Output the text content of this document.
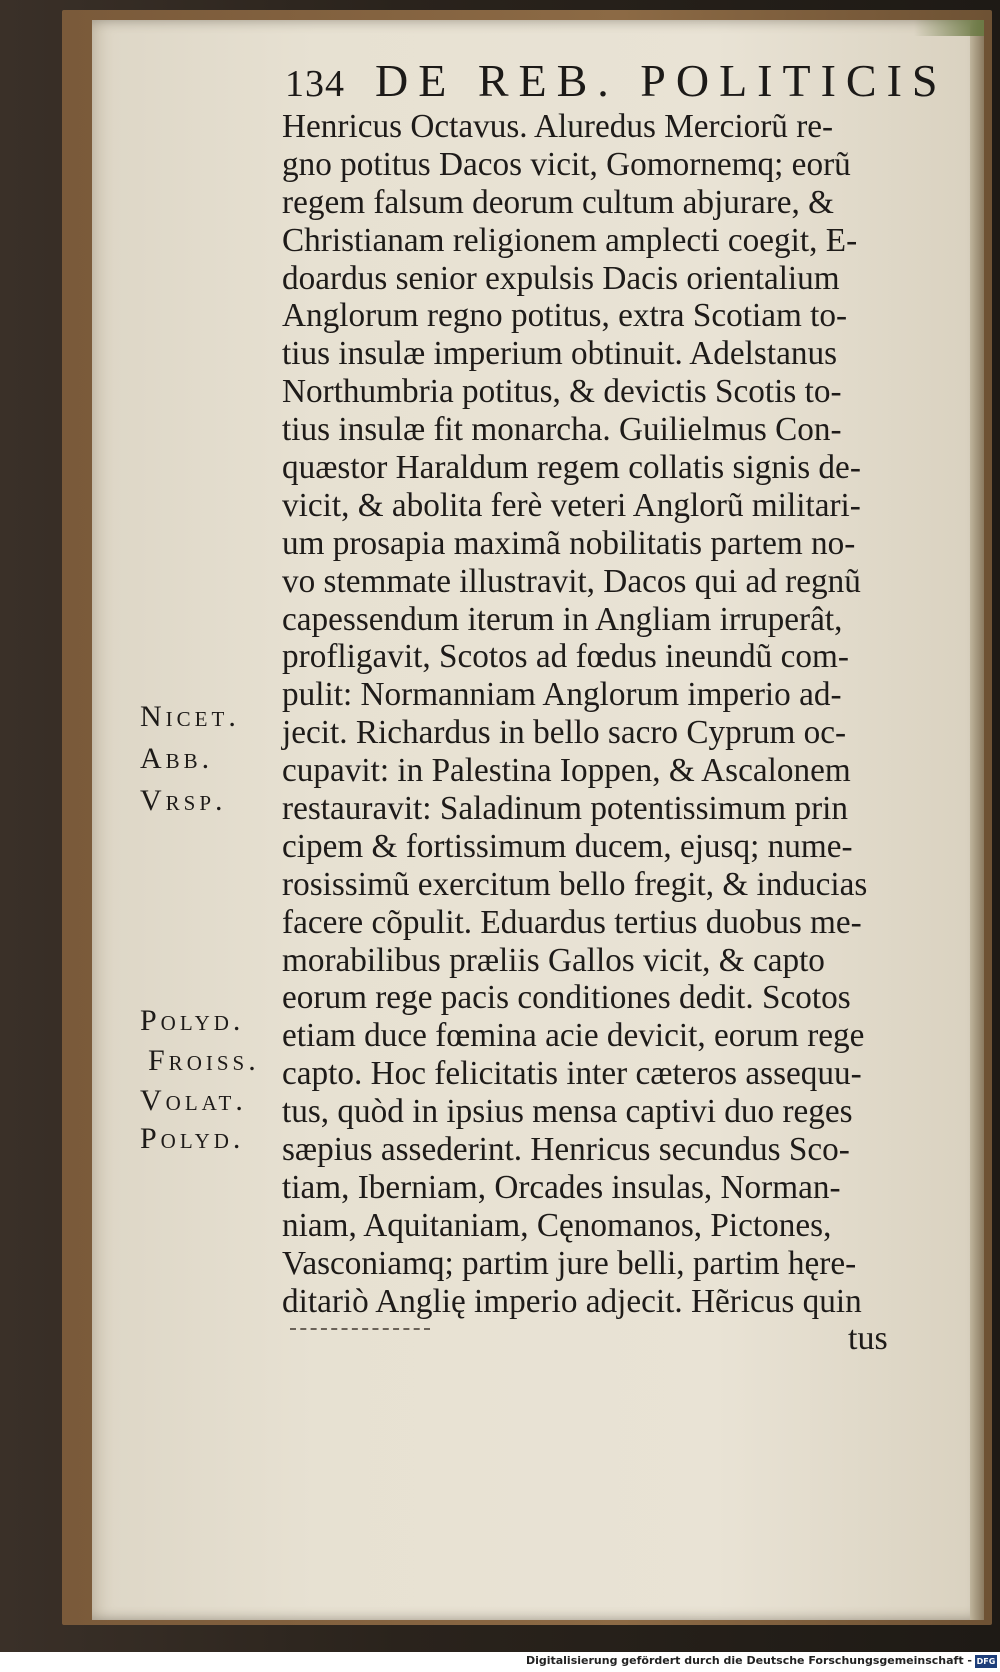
134 DE REB. POLITICIS
Henricus Octavus. Aluredus Merciorũ re-
gno potitus Dacos vicit, Gomornemq; eorũ
regem falsum deorum cultum abjurare, &
Christianam religionem amplecti coegit, E-
doardus senior expulsis Dacis orientalium
Anglorum regno potitus, extra Scotiam to-
tius insulæ imperium obtinuit. Adelstanus
Northumbria potitus, & devictis Scotis to-
tius insulæ fit monarcha. Guilielmus Con-
quæstor Haraldum regem collatis signis de-
vicit, & abolita ferè veteri Anglorũ militari-
um prosapia maximã nobilitatis partem no-
vo stemmate illustravit, Dacos qui ad regnũ
capessendum iterum in Angliam irruperât,
profligavit, Scotos ad fœdus ineundũ com-
pulit: Normanniam Anglorum imperio ad-
jecit. Richardus in bello sacro Cyprum oc-
cupavit: in Palestina Ioppen, & Ascalonem
restauravit: Saladinum potentissimum prin
cipem & fortissimum ducem, ejusq; nume-
rosissimũ exercitum bello fregit, & inducias
facere cõpulit. Eduardus tertius duobus me-
morabilibus præliis Gallos vicit, & capto
eorum rege pacis conditiones dedit. Scotos
etiam duce fœmina acie devicit, eorum rege
capto. Hoc felicitatis inter cæteros assequu-
tus, quòd in ipsius mensa captivi duo reges
sæpius assederint. Henricus secundus Sco-
tiam, Iberniam, Orcades insulas, Norman-
niam, Aquitaniam, Cęnomanos, Pictones,
Vasconiamq; partim jure belli, partim hęre-
ditariò Anglię imperio adjecit. Hẽricus quin
tus
Nicet.
Abb.
Vrsp.
Polyd.
Froiss.
Volat.
Polyd.
Digitalisierung gefördert durch die Deutsche Forschungsgemeinschaft - DFG
